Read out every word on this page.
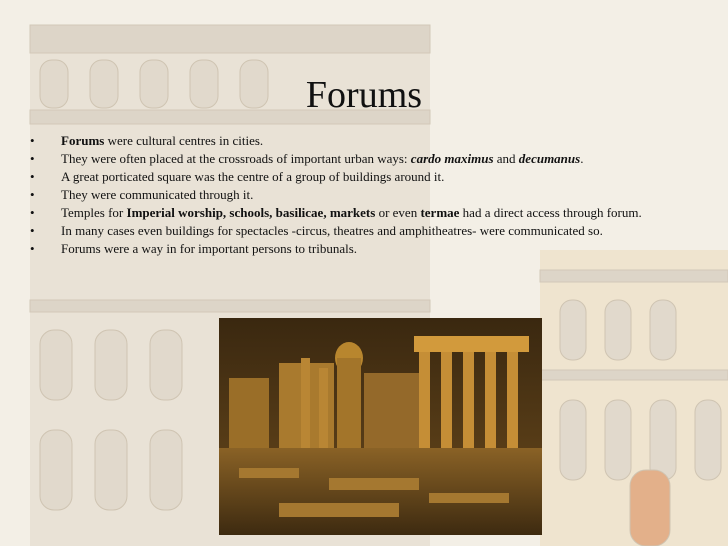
Forums
• Forums were cultural centres in cities.
• They were often placed at the crossroads of important urban ways: cardo maximus and decumanus.
• A great porticated square was the centre of a group of buildings around it.
• They were communicated through it.
• Temples for Imperial worship, schools, basilicae, markets or even termae had a direct access through forum.
• In many cases even buildings for spectacles -circus, theatres and amphitheatres- were communicated so.
• Forums were a way in for important persons to tribunals.
